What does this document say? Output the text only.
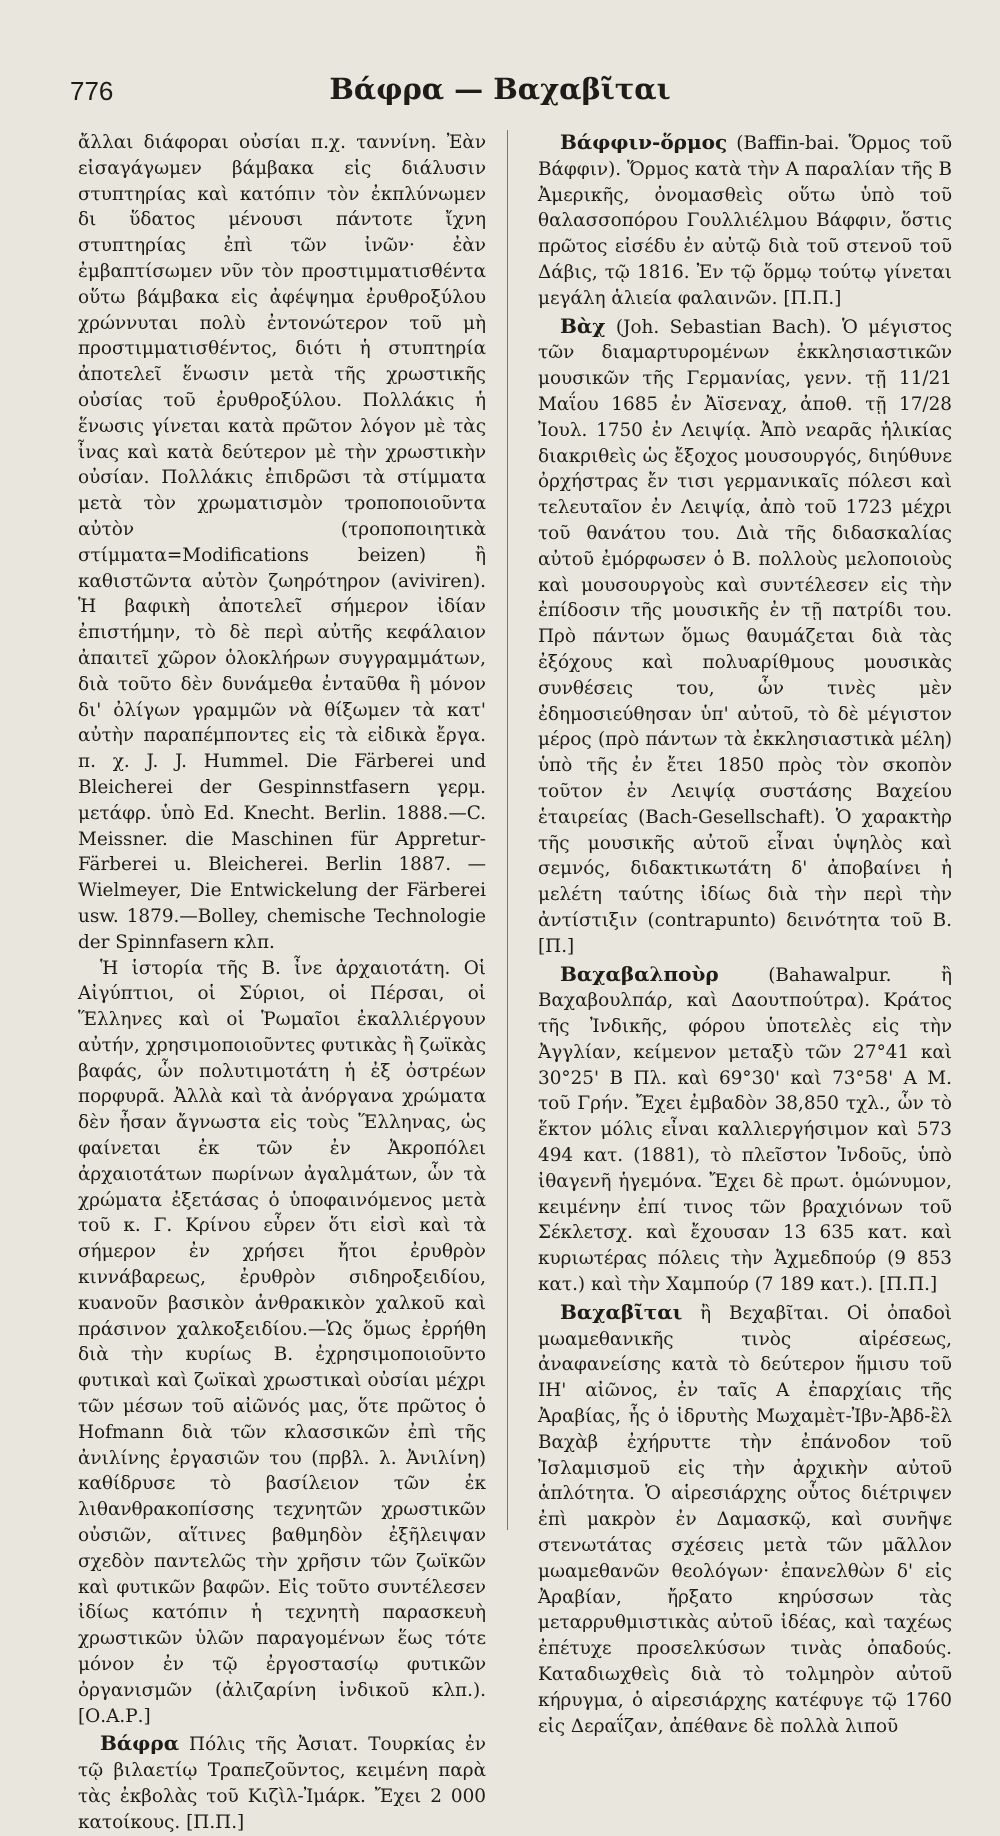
776	Βάφρα — Βαχαβῖται

ἄλλαι διάφοραι οὐσίαι π.χ. ταννίνη. Ἐὰν εἰσαγάγωμεν βάμβακα εἰς διάλυσιν στυπτηρίας καὶ κατόπιν τὸν ἐκπλύνωμεν δι ὕδατος μένουσι πάντοτε ἴχνη στυπτηρίας ἐπὶ τῶν ἰνῶν· ἐὰν ἐμβαπτίσωμεν νῦν τὸν προστιμματισθέντα οὕτω βάμβακα εἰς ἀφέψημα ἐρυθροξύλου χρώννυται πολὺ ἐντονώτερον τοῦ μὴ προστιμματισθέντος, διότι ἡ στυπτηρία ἀποτελεῖ ἕνωσιν μετὰ τῆς χρωστικῆς οὐσίας τοῦ ἐρυθροξύλου. Πολλάκις ἡ ἕνωσις γίνεται κατὰ πρῶτον λόγον μὲ τὰς ἶνας καὶ κατὰ δεύτερον μὲ τὴν χρωστικὴν οὐσίαν. Πολλάκις ἐπιδρῶσι τὰ στίμματα μετὰ τὸν χρωματισμὸν τροποποιοῦντα αὐτὸν (τροποποιητικὰ στίμματα=Modifications beizen) ἢ καθιστῶντα αὐτὸν ζωηρότηρον (aviviren). Ἡ βαφικὴ ἀποτελεῖ σήμερον ἰδίαν ἐπιστήμην, τὸ δὲ περὶ αὐτῆς κεφάλαιον ἀπαιτεῖ χῶρον ὁλοκλήρων συγγραμμάτων, διὰ τοῦτο δὲν δυνάμεθα ἐνταῦθα ἢ μόνον δι' ὀλίγων γραμμῶν νὰ θίξωμεν τὰ κατ' αὐτὴν παραπέμποντες εἰς τὰ εἰδικὰ ἔργα. π. χ. J. J. Hummel. Die Färberei und Bleicherei der Gespinnstfasern γερμ. μετάφρ. ὑπὸ Ed. Knecht. Berlin. 1888.—C. Meissner. die Maschinen für Appretur-Färberei u. Bleicherei. Berlin 1887. — Wielmeyer, Die Entwickelung der Färberei usw. 1879.—Bolley, chemische Technologie der Spinnfasern κλπ.

Ἡ ἱστορία τῆς Β. ἶνε ἀρχαιοτάτη. Οἱ Αἰγύπτιοι, οἱ Σύριοι, οἱ Πέρσαι, οἱ Ἕλληνες καὶ οἱ Ῥωμαῖοι ἐκαλλιέργουν αὐτήν, χρησιμοποιοῦντες φυτικὰς ἢ ζωϊκὰς βαφάς, ὧν πολυτιμοτάτη ἡ ἐξ ὀστρέων πορφυρᾶ. Ἀλλὰ καὶ τὰ ἀνόργανα χρώματα δὲν ἦσαν ἄγνωστα εἰς τοὺς Ἕλληνας, ὡς φαίνεται ἐκ τῶν ἐν Ἀκροπόλει ἀρχαιοτάτων πωρίνων ἀγαλμάτων, ὧν τὰ χρώματα ἐξετάσας ὁ ὑποφαινόμενος μετὰ τοῦ κ. Γ. Κρίνου εὗρεν ὅτι εἰσὶ καὶ τὰ σήμερον ἐν χρήσει ἤτοι ἐρυθρὸν κιννάβαρεως, ἐρυθρὸν σιδηροξειδίου, κυανοῦν βασικὸν ἀνθρακικὸν χαλκοῦ καὶ πράσινον χαλκοξειδίου.—Ὡς ὅμως ἐρρήθη διὰ τὴν κυρίως Β. ἐχρησιμοποιοῦντο φυτικαὶ καὶ ζωϊκαὶ χρωστικαὶ οὐσίαι μέχρι τῶν μέσων τοῦ αἰῶνός μας, ὅτε πρῶτος ὁ Hofmann διὰ τῶν κλασσικῶν ἐπὶ τῆς ἀνιλίνης ἐργασιῶν του (πρβλ. λ. Ἀνιλίνη) καθίδρυσε τὸ βασίλειον τῶν ἐκ λιθανθρακοπίσσης τεχνητῶν χρωστικῶν οὐσιῶν, αἵτινες βαθμηδὸν ἐξῆλειψαν σχεδὸν παντελῶς τὴν χρῆσιν τῶν ζωϊκῶν καὶ φυτικῶν βαφῶν. Εἰς τοῦτο συντέλεσεν ἰδίως κατόπιν ἡ τεχνητὴ παρασκευὴ χρωστικῶν ὑλῶν παραγομένων ἕως τότε μόνον ἐν τῷ ἐργοστασίῳ φυτικῶν ὀργανισμῶν (ἀλιζαρίνη ἰνδικοῦ κλπ.). [Ο.Α.Ρ.]

Βάφρα Πόλις τῆς Ἀσιατ. Τουρκίας ἐν τῷ βιλαετίῳ Τραπεζοῦντος, κειμένη παρὰ τὰς ἐκβολὰς τοῦ Κιζὶλ-Ἰμάρκ. Ἔχει 2 000 κατοίκους. [Π.Π.]

Βάφφιν-ὅρμος (Baffin-bai. Ὅρμος τοῦ Βάφφιν). Ὅρμος κατὰ τὴν Α παραλίαν τῆς Β Ἀμερικῆς, ὀνομασθεὶς οὕτω ὑπὸ τοῦ θαλασσοπόρου Γουλλιέλμου Βάφφιν, ὅστις πρῶτος εἰσέδυ ἐν αὐτῷ διὰ τοῦ στενοῦ τοῦ Δάβις, τῷ 1816. Ἐν τῷ ὅρμῳ τούτῳ γίνεται μεγάλη ἁλιεία φαλαινῶν. [Π.Π.]

Βὰχ (Joh. Sebastian Bach). Ὁ μέγιστος τῶν διαμαρτυρομένων ἐκκλησιαστικῶν μουσικῶν τῆς Γερμανίας, γενν. τῇ 11/21 Μαΐου 1685 ἐν Ἀϊσεναχ, ἀποθ. τῇ 17/28 Ἰουλ. 1750 ἐν Λειψίᾳ. Ἀπὸ νεαρᾶς ἡλικίας διακριθεὶς ὡς ἔξοχος μουσουργός, διηύθυνε ὀρχήστρας ἔν τισι γερμανικαῖς πόλεσι καὶ τελευταῖον ἐν Λειψίᾳ, ἀπὸ τοῦ 1723 μέχρι τοῦ θανάτου του. Διὰ τῆς διδασκαλίας αὐτοῦ ἐμόρφωσεν ὁ Β. πολλοὺς μελοποιοὺς καὶ μουσουργοὺς καὶ συντέλεσεν εἰς τὴν ἐπίδοσιν τῆς μουσικῆς ἐν τῇ πατρίδι του. Πρὸ πάντων ὅμως θαυμάζεται διὰ τὰς ἐξόχους καὶ πολυαρίθμους μουσικὰς συνθέσεις του, ὧν τινὲς μὲν ἐδημοσιεύθησαν ὑπ' αὐτοῦ, τὸ δὲ μέγιστον μέρος (πρὸ πάντων τὰ ἐκκλησιαστικὰ μέλη) ὑπὸ τῆς ἐν ἔτει 1850 πρὸς τὸν σκοπὸν τοῦτον ἐν Λειψίᾳ συστάσης Βαχείου ἑταιρείας (Bach-Gesellschaft). Ὁ χαρακτὴρ τῆς μουσικῆς αὐτοῦ εἶναι ὑψηλὸς καὶ σεμνός, διδακτικωτάτη δ' ἀποβαίνει ἡ μελέτη ταύτης ἰδίως διὰ τὴν περὶ τὴν ἀντίστιξιν (contrapunto) δεινότητα τοῦ Β. [Π.]

Βαχαβαλποὺρ (Bahawalpur. ἢ Βαχαβουλπάρ, καὶ Δαουτπούτρα). Κράτος τῆς Ἰνδικῆς, φόρου ὑποτελὲς εἰς τὴν Ἀγγλίαν, κείμενον μεταξὺ τῶν 27°41 καὶ 30°25' Β Πλ. καὶ 69°30' καὶ 73°58' Α Μ. τοῦ Γρήν. Ἔχει ἐμβαδὸν 38,850 τχλ., ὧν τὸ ἕκτον μόλις εἶναι καλλιεργήσιμον καὶ 573 494 κατ. (1881), τὸ πλεῖστον Ἰνδοῦς, ὑπὸ ἰθαγενῆ ἡγεμόνα. Ἔχει δὲ πρωτ. ὁμώνυμον, κειμένην ἐπί τινος τῶν βραχιόνων τοῦ Σέκλετσχ. καὶ ἔχουσαν 13 635 κατ. καὶ κυριωτέρας πόλεις τὴν Ἀχμεδπούρ (9 853 κατ.) καὶ τὴν Χαμπούρ (7 189 κατ.). [Π.Π.]

Βαχαβῖται ἢ Βεχαβῖται. Οἱ ὀπαδοὶ μωαμεθανικῆς τινὸς αἱρέσεως, ἀναφανείσης κατὰ τὸ δεύτερον ἥμισυ τοῦ ΙΗ' αἰῶνος, ἐν ταῖς Α ἐπαρχίαις τῆς Ἀραβίας, ἧς ὁ ἱδρυτὴς Μωχαμὲτ-Ἰβν-Ἀβδ-ἒλ Βαχὰβ ἐχήρυττε τὴν ἐπάνοδον τοῦ Ἰσλαμισμοῦ εἰς τὴν ἀρχικὴν αὐτοῦ ἁπλότητα. Ὁ αἱρεσιάρχης οὗτος διέτριψεν ἐπὶ μακρὸν ἐν Δαμασκῷ, καὶ συνῆψε στενωτάτας σχέσεις μετὰ τῶν μᾶλλον μωαμεθανῶν θεολόγων· ἐπανελθὼν δ' εἰς Ἀραβίαν, ἤρξατο κηρύσσων τὰς μεταρρυθμιστικὰς αὐτοῦ ἰδέας, καὶ ταχέως ἐπέτυχε προσελκύσων τινὰς ὀπαδούς. Καταδιωχθεὶς διὰ τὸ τολμηρὸν αὐτοῦ κήρυγμα, ὁ αἱρεσιάρχης κατέφυγε τῷ 1760 εἰς Δεραΐζαν, ἀπέθανε δὲ πολλὰ λιποῦ
